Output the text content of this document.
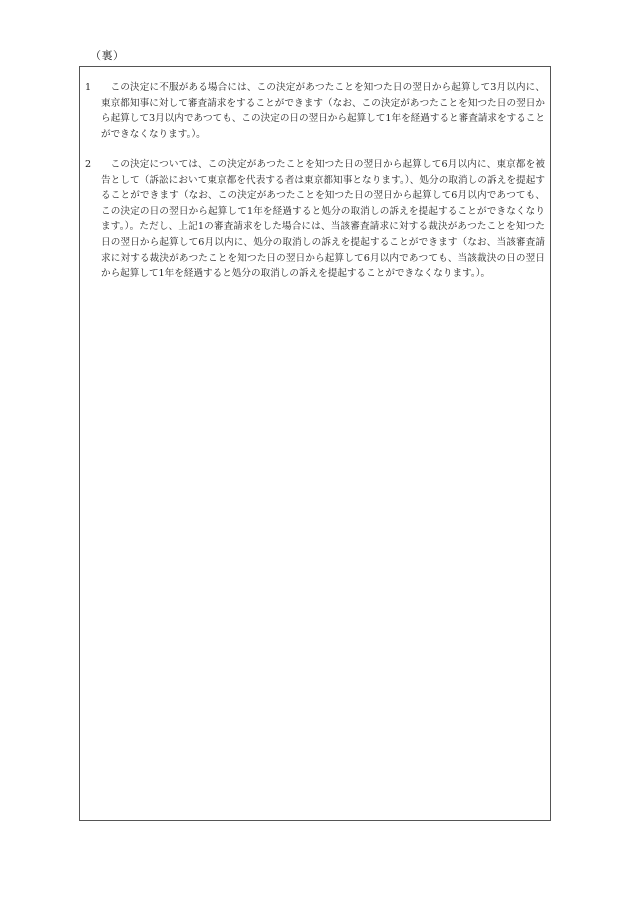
（裏）
1	この決定に不服がある場合には、この決定があつたことを知つた日の翌日から起算して3月以内に、東京都知事に対して審査請求をすることができます（なお、この決定があつたことを知つた日の翌日から起算して3月以内であつても、この決定の日の翌日から起算して1年を経過すると審査請求をすることができなくなります。）。
2	この決定については、この決定があつたことを知つた日の翌日から起算して6月以内に、東京都を被告として（訴訟において東京都を代表する者は東京都知事となります。）、処分の取消しの訴えを提起することができます（なお、この決定があつたことを知つた日の翌日から起算して6月以内であつても、この決定の日の翌日から起算して1年を経過すると処分の取消しの訴えを提起することができなくなります。）。ただし、上記1の審査請求をした場合には、当該審査請求に対する裁決があつたことを知つた日の翌日から起算して6月以内に、処分の取消しの訴えを提起することができます（なお、当該審査請求に対する裁決があつたことを知つた日の翌日から起算して6月以内であつても、当該裁決の日の翌日から起算して1年を経過すると処分の取消しの訴えを提起することができなくなります。）。
